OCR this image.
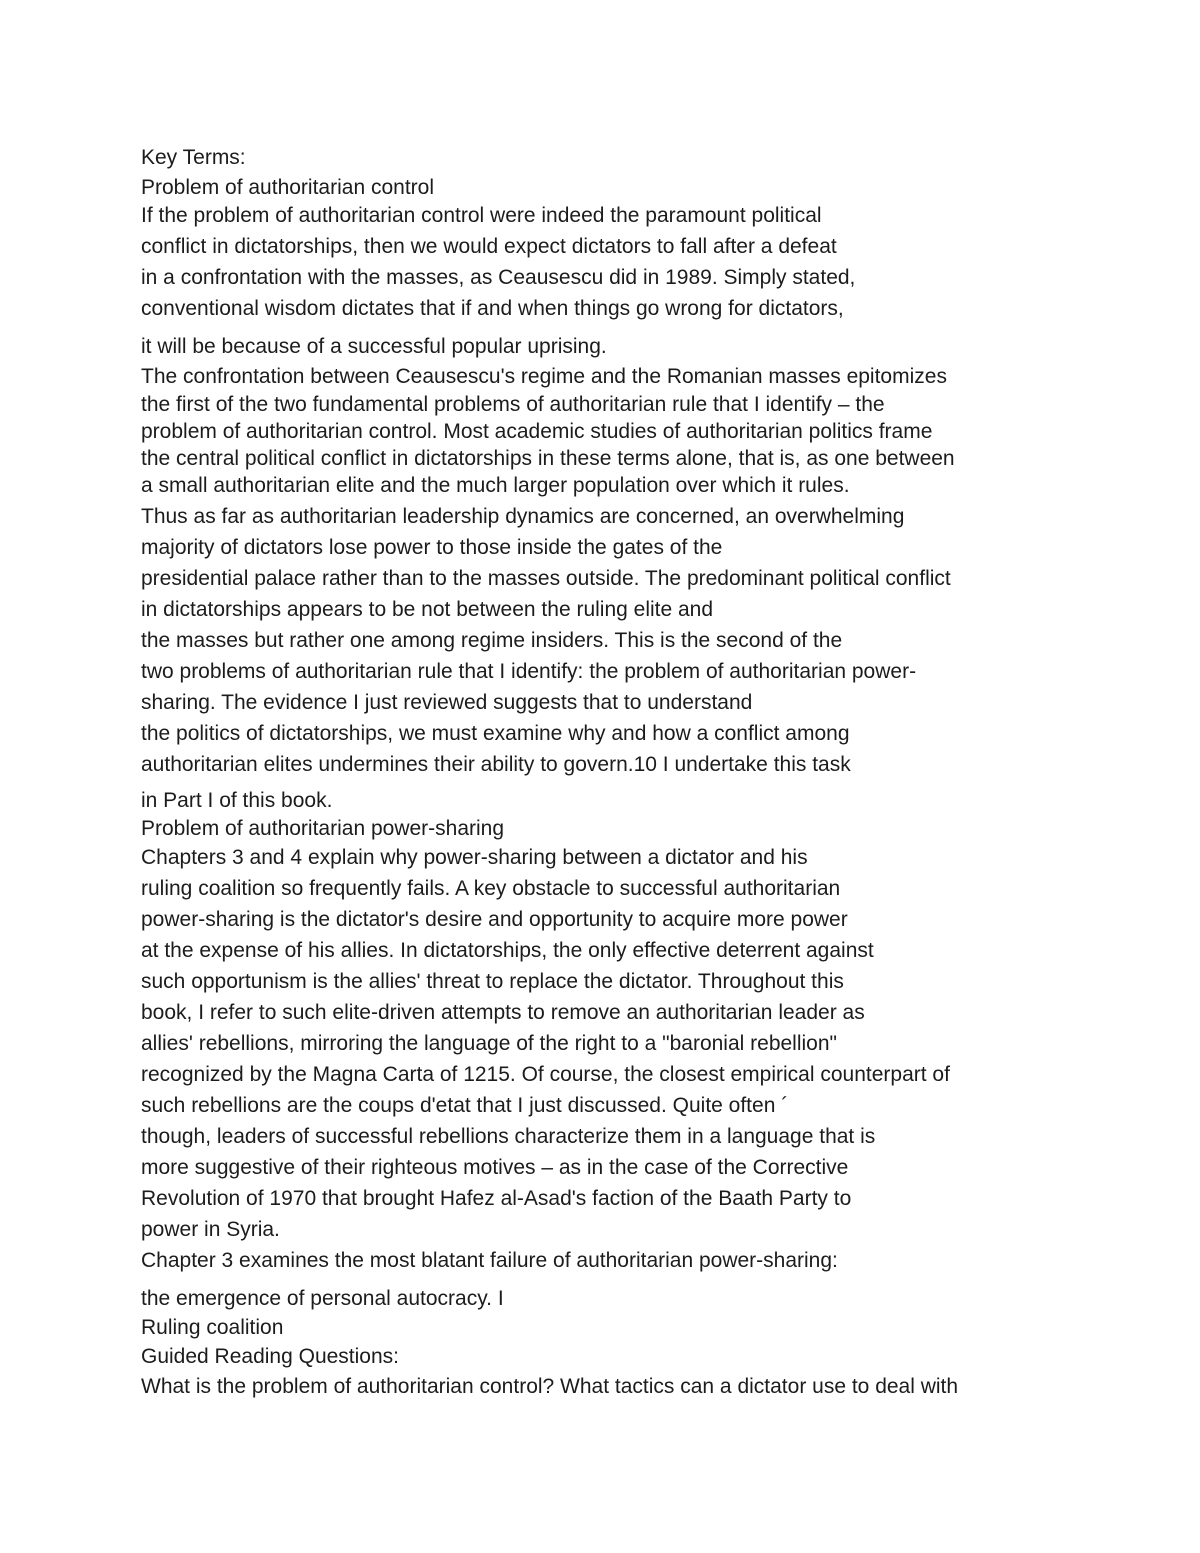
Key Terms:
Problem of authoritarian control
If the problem of authoritarian control were indeed the paramount political
conflict in dictatorships, then we would expect dictators to fall after a defeat
in a confrontation with the masses, as Ceausescu did in 1989. Simply stated,
conventional wisdom dictates that if and when things go wrong for dictators,
it will be because of a successful popular uprising.
The confrontation between Ceausescu's regime and the Romanian masses epitomizes
the first of the two fundamental problems of authoritarian rule that I identify – the
problem of authoritarian control. Most academic studies of authoritarian politics frame
the central political conflict in dictatorships in these terms alone, that is, as one between
a small authoritarian elite and the much larger population over which it rules.
Thus as far as authoritarian leadership dynamics are concerned, an overwhelming
majority of dictators lose power to those inside the gates of the
presidential palace rather than to the masses outside. The predominant political conflict
in dictatorships appears to be not between the ruling elite and
the masses but rather one among regime insiders. This is the second of the
two problems of authoritarian rule that I identify: the problem of authoritarian power-
sharing. The evidence I just reviewed suggests that to understand
the politics of dictatorships, we must examine why and how a conflict among
authoritarian elites undermines their ability to govern.10 I undertake this task
in Part I of this book.
Problem of authoritarian power-sharing
Chapters 3 and 4 explain why power-sharing between a dictator and his
ruling coalition so frequently fails. A key obstacle to successful authoritarian
power-sharing is the dictator's desire and opportunity to acquire more power
at the expense of his allies. In dictatorships, the only effective deterrent against
such opportunism is the allies' threat to replace the dictator. Throughout this
book, I refer to such elite-driven attempts to remove an authoritarian leader as
allies' rebellions, mirroring the language of the right to a "baronial rebellion"
recognized by the Magna Carta of 1215. Of course, the closest empirical counterpart of
such rebellions are the coups d'etat that I just discussed. Quite often ´
though, leaders of successful rebellions characterize them in a language that is
more suggestive of their righteous motives – as in the case of the Corrective
Revolution of 1970 that brought Hafez al-Asad's faction of the Baath Party to
power in Syria.
Chapter 3 examines the most blatant failure of authoritarian power-sharing:
the emergence of personal autocracy. I
Ruling coalition
Guided Reading Questions:
What is the problem of authoritarian control? What tactics can a dictator use to deal with
